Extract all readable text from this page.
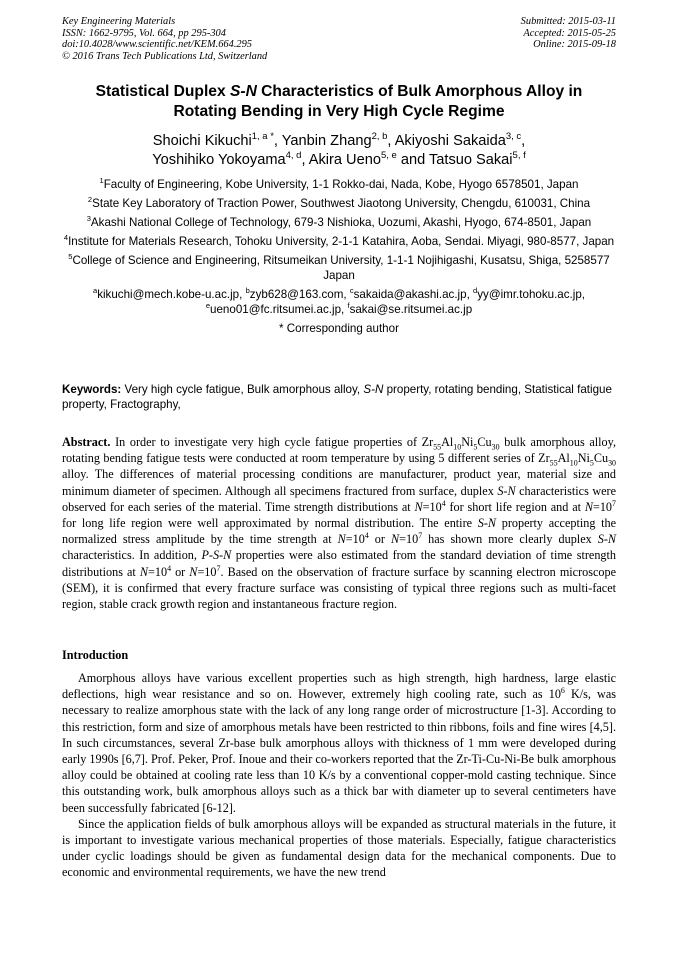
Key Engineering Materials
ISSN: 1662-9795, Vol. 664, pp 295-304
doi:10.4028/www.scientific.net/KEM.664.295
© 2016 Trans Tech Publications Ltd, Switzerland
Submitted: 2015-03-11
Accepted: 2015-05-25
Online: 2015-09-18
Statistical Duplex S-N Characteristics of Bulk Amorphous Alloy in Rotating Bending in Very High Cycle Regime
Shoichi Kikuchi$^{1, a *}$, Yanbin Zhang$^{2, b}$, Akiyoshi Sakaida$^{3, c}$,
Yoshihiko Yokoyama$^{4, d}$, Akira Ueno$^{5, e}$ and Tatsuo Sakai$^{5, f}$

$^1$Faculty of Engineering, Kobe University, 1-1 Rokko-dai, Nada, Kobe, Hyogo 6578501, Japan

$^2$State Key Laboratory of Traction Power, Southwest Jiaotong University, Chengdu, 610031, China

$^3$Akashi National College of Technology, 679-3 Nishioka, Uozumi, Akashi, Hyogo, 674-8501, Japan

$^4$Institute for Materials Research, Tohoku University, 2-1-1 Katahira, Aoba, Sendai. Miyagi, 980-8577, Japan

$^5$College of Science and Engineering, Ritsumeikan University, 1-1-1 Nojihigashi, Kusatsu, Shiga, 5258577 Japan

$^a$kikuchi@mech.kobe-u.ac.jp, $^b$zyb628@163.com, $^c$sakaida@akashi.ac.jp, $^d$yy@imr.tohoku.ac.jp,
$^e$ueno01@fc.ritsumei.ac.jp, $^f$sakai@se.ritsumei.ac.jp

* Corresponding author

Keywords: Very high cycle fatigue, Bulk amorphous alloy, S-N property, rotating bending, Statistical fatigue property, Fractography,
Abstract. In order to investigate very high cycle fatigue properties of $Zr_{55}Al_{10}Ni_5Cu_{30}$ bulk amorphous alloy, rotating bending fatigue tests were conducted at room temperature by using 5 different series of $Zr_{55}Al_{10}Ni_5Cu_{30}$ alloy. The differences of material processing conditions are manufacturer, product year, material size and minimum diameter of specimen. Although all specimens fractured from surface, duplex S-N characteristics were observed for each series of the material. Time strength distributions at $N=10^4$ for short life region and at $N=10^7$ for long life region were well approximated by normal distribution. The entire S-N property accepting the normalized stress amplitude by the time strength at $N=10^4$ or $N=10^7$ has shown more clearly duplex S-N characteristics. In addition, P-S-N properties were also estimated from the standard deviation of time strength distributions at $N=10^4$ or $N=10^7$. Based on the observation of fracture surface by scanning electron microscope (SEM), it is confirmed that every fracture surface was consisting of typical three regions such as multi-facet region, stable crack growth region and instantaneous fracture region.
Introduction

Amorphous alloys have various excellent properties such as high strength, high hardness, large elastic deflections, high wear resistance and so on. However, extremely high cooling rate, such as $10^6$ K/s, was necessary to realize amorphous state with the lack of any long range order of microstructure [1-3]. According to this restriction, form and size of amorphous metals have been restricted to thin ribbons, foils and fine wires [4,5]. In such circumstances, several Zr-base bulk amorphous alloys with thickness of 1 mm were developed during early 1990s [6,7]. Prof. Peker, Prof. Inoue and their co-workers reported that the Zr-Ti-Cu-Ni-Be bulk amorphous alloy could be obtained at cooling rate less than 10 K/s by a conventional copper-mold casting technique. Since this outstanding work, bulk amorphous alloys such as a thick bar with diameter up to several centimeters have been successfully fabricated [6-12].

Since the application fields of bulk amorphous alloys will be expanded as structural materials in the future, it is important to investigate various mechanical properties of those materials. Especially, fatigue characteristics under cyclic loadings should be given as fundamental design data for the mechanical components. Due to economic and environmental requirements, we have the new trend
